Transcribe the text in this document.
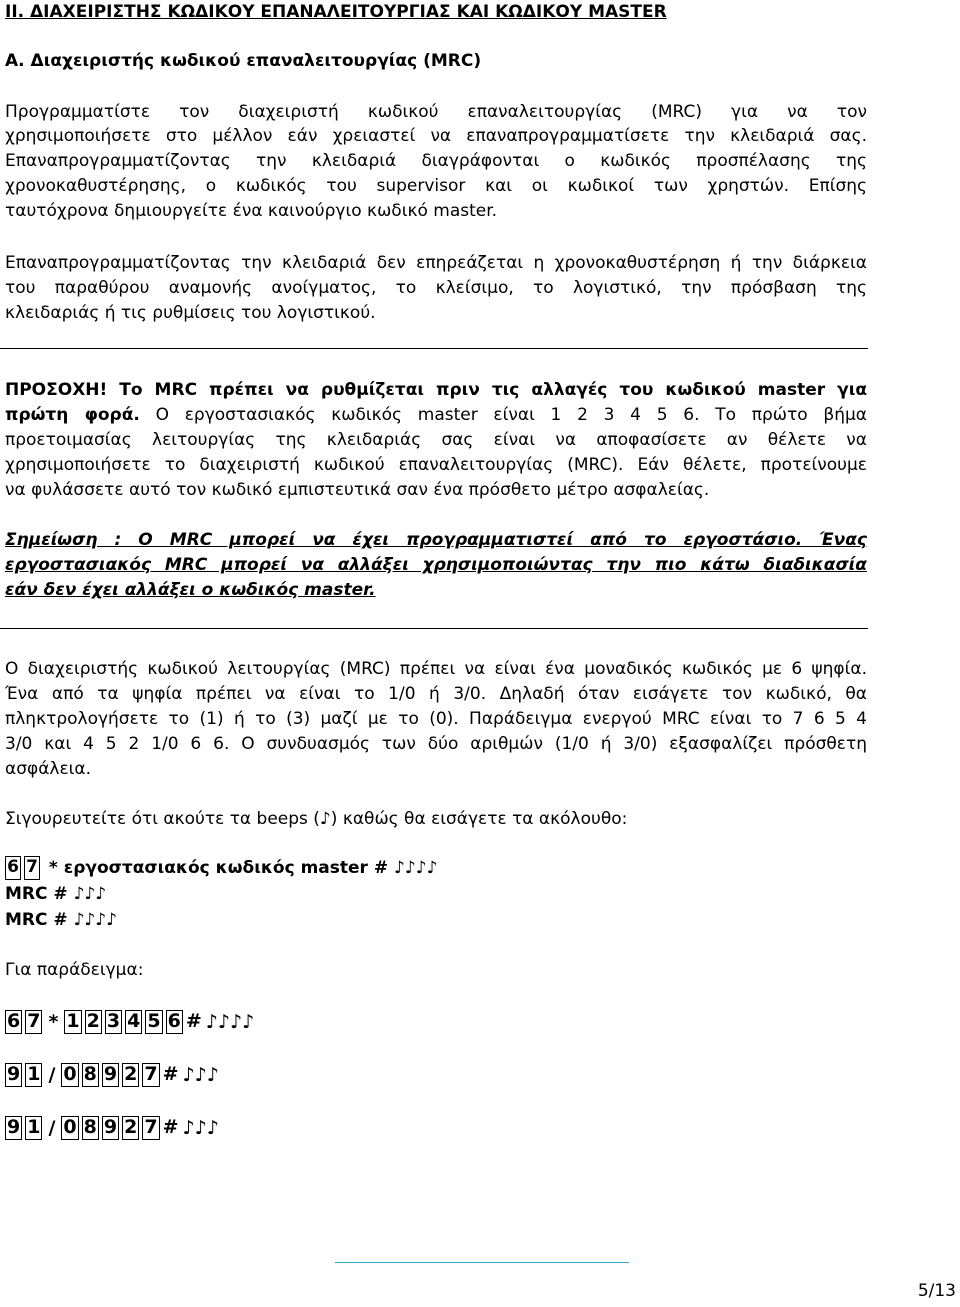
ΙΙ. ΔΙΑΧΕΙΡΙΣΤΗΣ ΚΩΔΙΚΟΥ ΕΠΑΝΑΛΕΙΤΟΥΡΓΙΑΣ ΚΑΙ ΚΩΔΙΚΟΥ MASTER
Α. Διαχειριστής κωδικού επαναλειτουργίας (MRC)
Προγραμματίστε τον διαχειριστή κωδικού επαναλειτουργίας (MRC) για να τον
χρησιμοποιήσετε στο μέλλον εάν χρειαστεί να επαναπρογραμματίσετε την κλειδαριά σας.
Επαναπρογραμματίζοντας την κλειδαριά διαγράφονται ο κωδικός προσπέλασης της
χρονοκαθυστέρησης, ο κωδικός του supervisor και οι κωδικοί των χρηστών. Επίσης
ταυτόχρονα δημιουργείτε ένα καινούργιο κωδικό master.
Επαναπρογραμματίζοντας την κλειδαριά δεν επηρεάζεται η χρονοκαθυστέρηση ή την διάρκεια
του παραθύρου αναμονής ανοίγματος, το κλείσιμο, το λογιστικό, την πρόσβαση της
κλειδαριάς ή τις ρυθμίσεις του λογιστικού.
ΠΡΟΣΟΧΗ! Το MRC πρέπει να ρυθμίζεται πριν τις αλλαγές του κωδικού master για
πρώτη φορά. Ο εργοστασιακός κωδικός master είναι 1 2 3 4 5 6. Το πρώτο βήμα
προετοιμασίας λειτουργίας της κλειδαριάς σας είναι να αποφασίσετε αν θέλετε να
χρησιμοποιήσετε το διαχειριστή κωδικού επαναλειτουργίας (MRC). Εάν θέλετε, προτείνουμε
να φυλάσσετε αυτό τον κωδικό εμπιστευτικά σαν ένα πρόσθετο μέτρο ασφαλείας.
Σημείωση : Ο MRC μπορεί να έχει προγραμματιστεί από το εργοστάσιο. Ένας
εργοστασιακός MRC μπορεί να αλλάξει χρησιμοποιώντας την πιο κάτω διαδικασία
εάν δεν έχει αλλάξει ο κωδικός master.
Ο διαχειριστής κωδικού λειτουργίας (MRC) πρέπει να είναι ένα μοναδικός κωδικός με 6 ψηφία.
Ένα από τα ψηφία πρέπει να είναι το 1/0 ή 3/0. Δηλαδή όταν εισάγετε τον κωδικό, θα
πληκτρολογήσετε το (1) ή το (3) μαζί με το (0). Παράδειγμα ενεργού MRC είναι το 7 6 5 4
3/0 και 4 5 2 1/0 6 6. Ο συνδυασμός των δύο αριθμών (1/0 ή 3/0) εξασφαλίζει πρόσθετη
ασφάλεια.
Σιγουρευτείτε ότι ακούτε τα beeps (♪) καθώς θα εισάγετε τα ακόλουθο:
6 7 * εργοστασιακός κωδικός master # ♪♪♪♪
MRC # ♪♪♪
MRC # ♪♪♪♪
Για παράδειγμα:
6 7 * 1 2 3 4 5 6 # ♪♪♪♪
9 1 / 0 8 9 2 7 # ♪♪♪
9 1 / 0 8 9 2 7 # ♪♪♪
5/13
